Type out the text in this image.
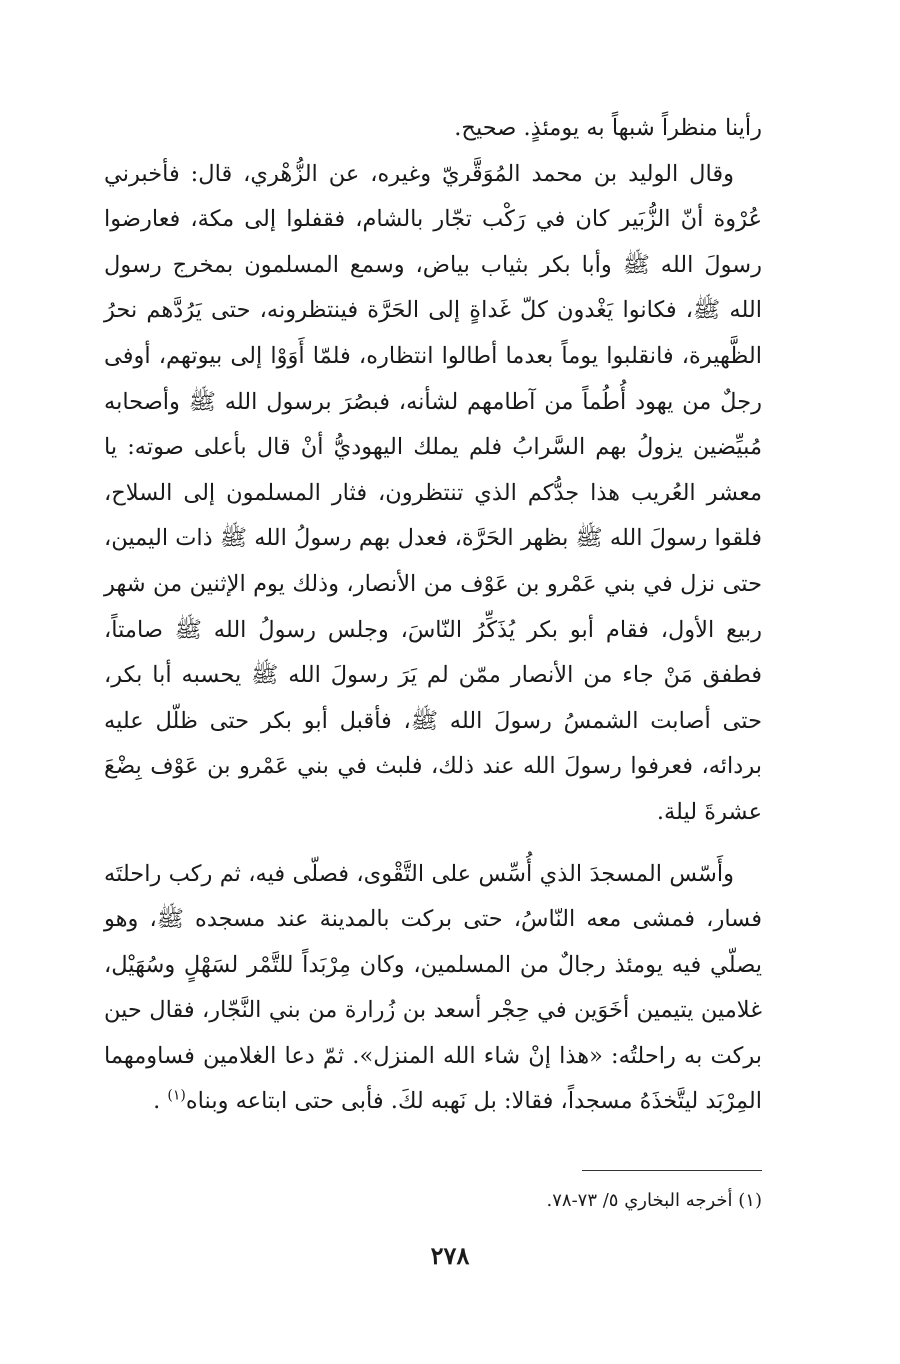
رأينا منظراً شبهاً به يومئذٍ. صحيح.

وقال الوليد بن محمد المُوَقَّريّ وغيره، عن الزُّهْري، قال: فأخبرني عُرْوة أنّ الزُّبَير كان في رَكْب تجّار بالشام، فقفلوا إلى مكة، فعارضوا رسولَ الله ﷺ وأبا بكر بثياب بياض، وسمع المسلمون بمخرج رسول الله ﷺ، فكانوا يَغْدون كلّ غَداةٍ إلى الحَرَّة فينتظرونه، حتى يَرُدَّهم نحرُ الظَّهيرة، فانقلبوا يوماً بعدما أطالوا انتظاره، فلمّا أَوَوْا إلى بيوتهم، أوفى رجلٌ من يهود أُطُماً من آطامهم لشأنه، فبصُرَ برسول الله ﷺ وأصحابه مُبيِّضين يزولُ بهم السَّرابُ فلم يملك اليهوديُّ أنْ قال بأعلى صوته: يا معشر العُريب هذا جدُّكم الذي تنتظرون، فثار المسلمون إلى السلاح، فلقوا رسولَ الله ﷺ بظهر الحَرَّة، فعدل بهم رسولُ الله ﷺ ذات اليمين، حتى نزل في بني عَمْرو بن عَوْف من الأنصار، وذلك يوم الإثنين من شهر ربيع الأول، فقام أبو بكر يُذَكِّرُ النّاسَ، وجلس رسولُ الله ﷺ صامتاً، فطفق مَنْ جاء من الأنصار ممّن لم يَرَ رسولَ الله ﷺ يحسبه أبا بكر، حتى أصابت الشمسُ رسولَ الله ﷺ، فأقبل أبو بكر حتى ظلّل عليه بردائه، فعرفوا رسولَ الله عند ذلك، فلبث في بني عَمْرو بن عَوْف بِضْعَ عشرةَ ليلة.

وأَسّس المسجدَ الذي أُسِّس على التَّقْوى، فصلّى فيه، ثم ركب راحلتَه فسار، فمشى معه النّاسُ، حتى بركت بالمدينة عند مسجده ﷺ، وهو يصلّي فيه يومئذ رجالٌ من المسلمين، وكان مِرْبَداً للتَّمْر لسَهْلٍ وسُهَيْل، غلامين يتيمين أخَوَين في حِجْر أسعد بن زُرارة من بني النَّجّار، فقال حين بركت به راحلتُه: «هذا إنْ شاء الله المنزل». ثمّ دعا الغلامين فساومهما المِرْبَد ليتَّخذَهُ مسجداً، فقالا: بل نَهبه لكَ. فأبى حتى ابتاعه وبناه$^{(١)}$ .

(١) أخرجه البخاري ٥/ ٧٣-٧٨.
٢٧٨
